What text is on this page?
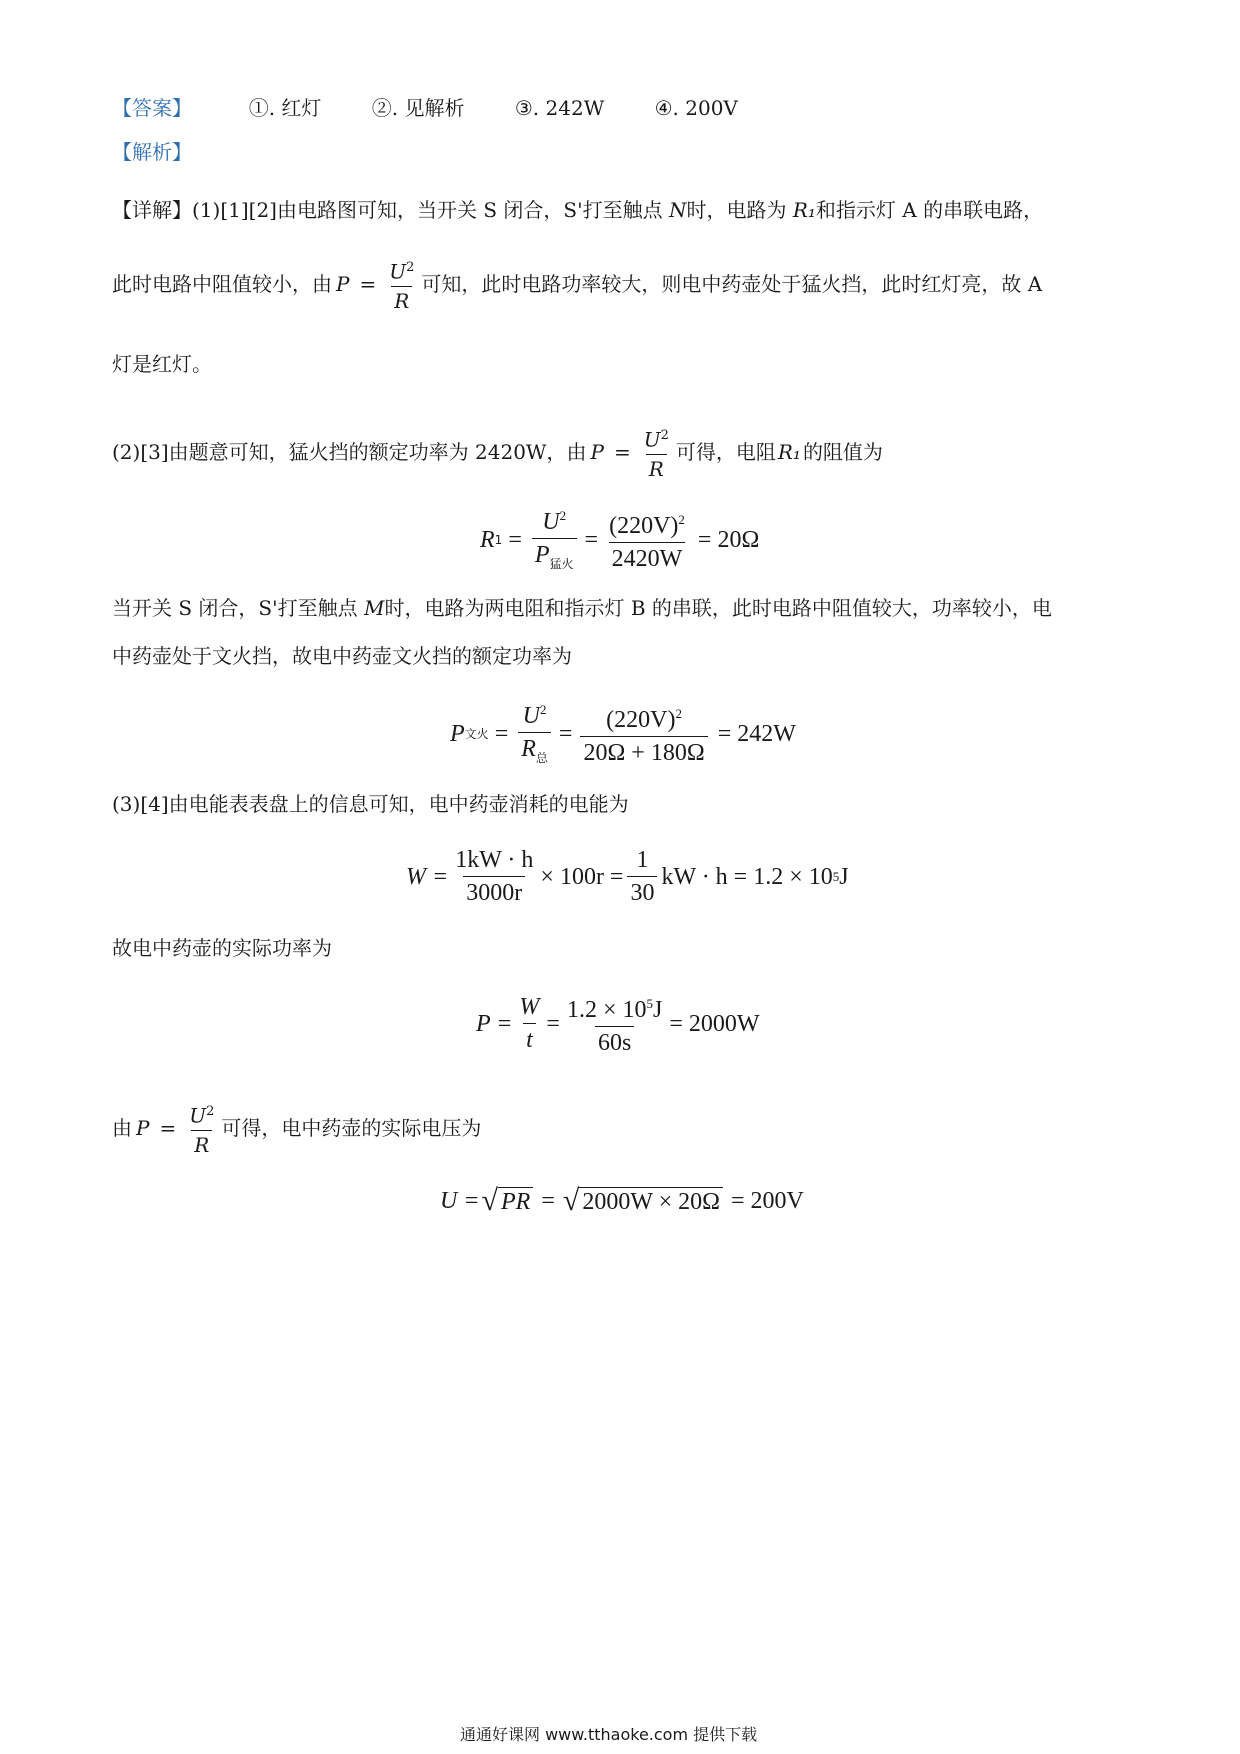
【答案】	①. 红灯	②. 见解析	③. 242W	④. 200V
【解析】
【详解】(1)[1][2]由电路图可知，当开关 S 闭合，S'打至触点 N时，电路为 R₁和指示灯 A 的串联电路，
此时电路中阻值较小，由 $P = \frac{U^2}{R}$ 可知，此时电路功率较大，则电中药壶处于猛火挡，此时红灯亮，故 A
灯是红灯。
(2)[3]由题意可知，猛火挡的额定功率为 2420W，由 $P = \frac{U^2}{R}$ 可得，电阻 R₁ 的阻值为
R $1 = \frac{U^2}{P_{猛火}} = \frac{(220V)^2}{2420W} = 20\Omega$
当开关 S 闭合，S'打至触点 M时，电路为两电阻和指示灯 B 的串联，此时电路中阻值较大，功率较小，电
中药壶处于文火挡，故电中药壶文火挡的额定功率为
P 文火 = $\frac{U^2}{R_总} = \frac{(220V)^2}{20\Omega + 180\Omega} = 242W$
(3)[4]由电能表表盘上的信息可知，电中药壶消耗的电能为
$W = \frac{1kW \cdot h}{3000r} \times 100r = \frac{1}{30}$ kW · h = 1.2 × 10 5 J
故电中药壶的实际功率为
$P = \frac{W}{t} = \frac{1.2 \times 10^5J}{60s} = 2000W$
由 $P = \frac{U^2}{R}$ 可得，电中药壶的实际电压为
U = √ PR = √ 2000W × 20Ω = 200V
通通好课网 www.tthaoke.com 提供下载
